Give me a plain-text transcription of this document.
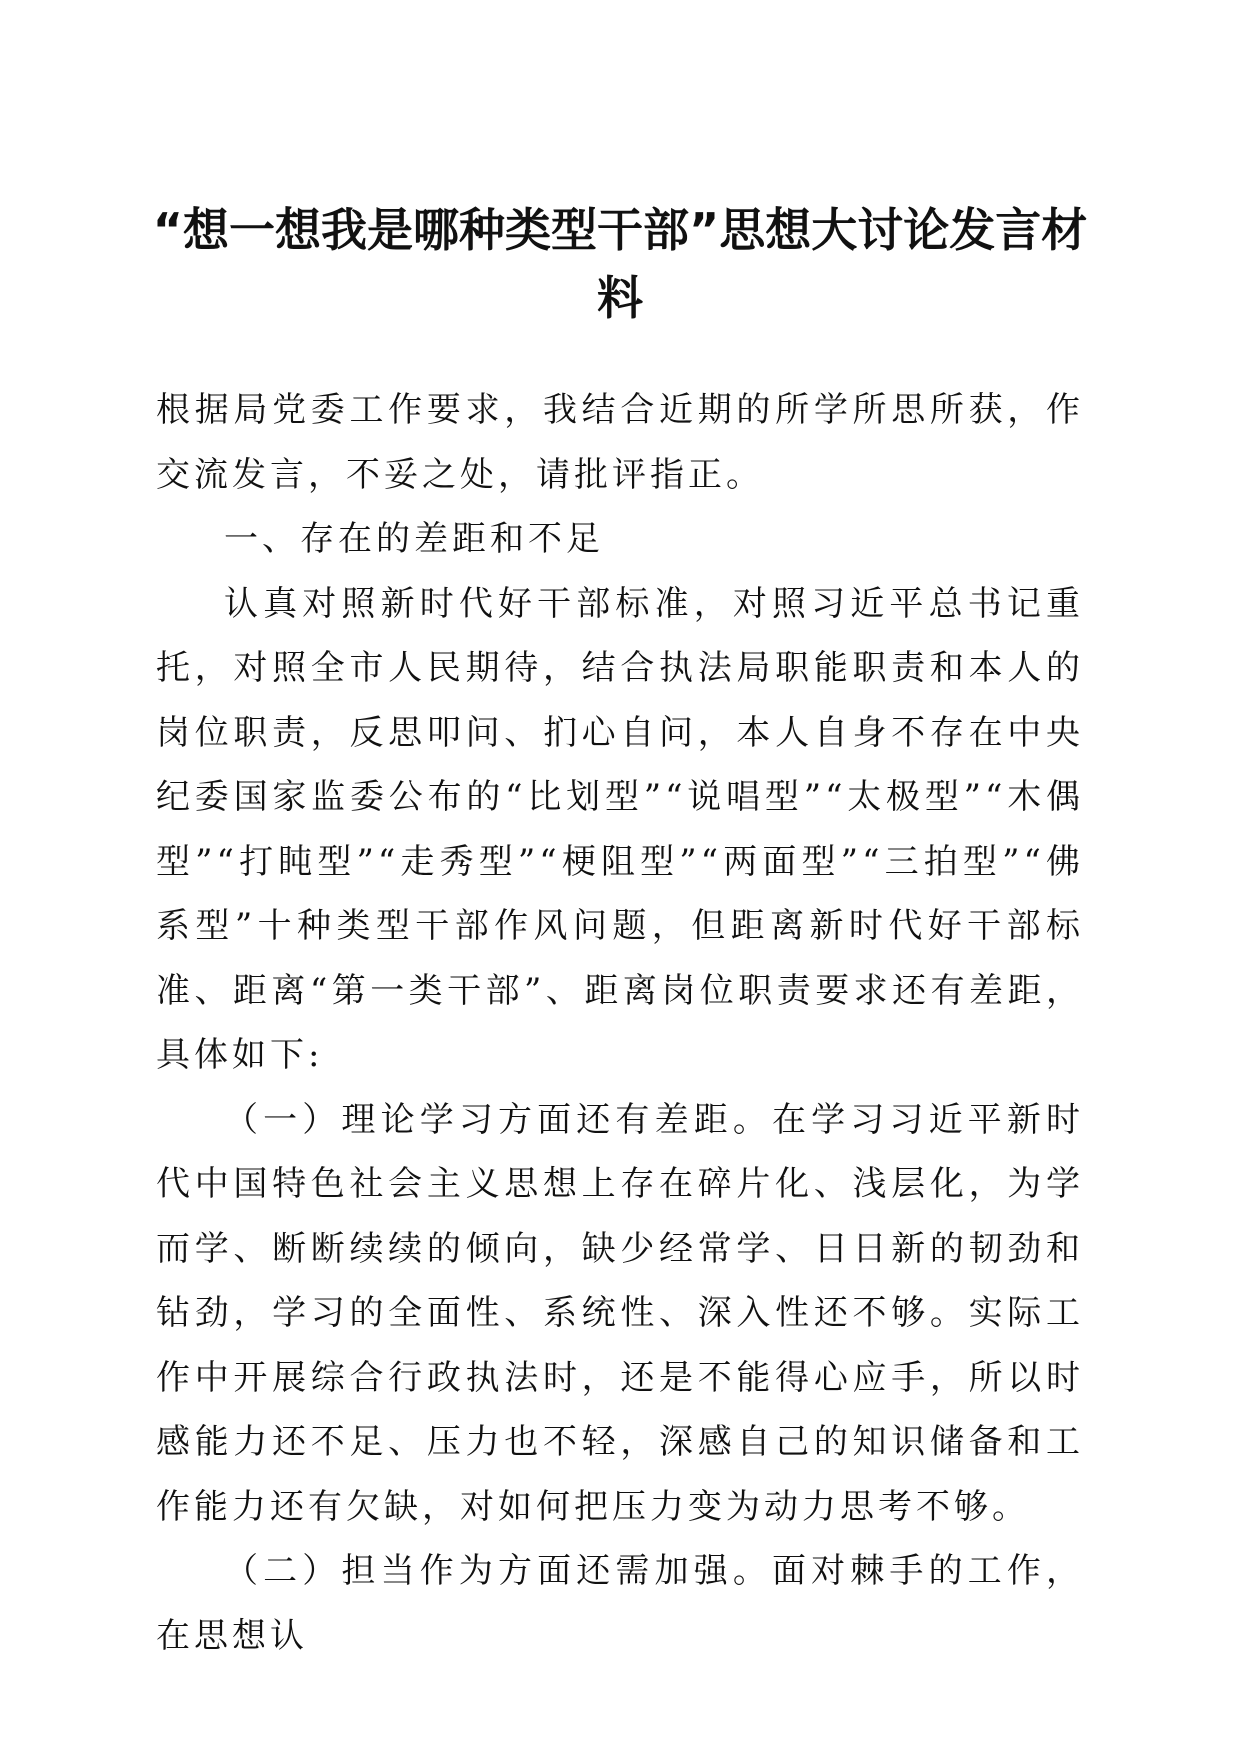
“想一想我是哪种类型干部”思想大讨论发言材料

根据局党委工作要求，我结合近期的所学所思所获，作交流发言，不妥之处，请批评指正。

一、存在的差距和不足

认真对照新时代好干部标准，对照习近平总书记重托，对照全市人民期待，结合执法局职能职责和本人的岗位职责，反思叩问、扪心自问，本人自身不存在中央纪委国家监委公布的“比划型”“说唱型”“太极型”“木偶型”“打盹型”“走秀型”“梗阻型”“两面型”“三拍型”“佛系型”十种类型干部作风问题，但距离新时代好干部标准、距离“第一类干部”、距离岗位职责要求还有差距，具体如下:

（一）理论学习方面还有差距。在学习习近平新时代中国特色社会主义思想上存在碎片化、浅层化，为学而学、断断续续的倾向，缺少经常学、日日新的韧劲和钻劲，学习的全面性、系统性、深入性还不够。实际工作中开展综合行政执法时，还是不能得心应手，所以时感能力还不足、压力也不轻，深感自己的知识储备和工作能力还有欠缺，对如何把压力变为动力思考不够。

（二）担当作为方面还需加强。面对棘手的工作，在思想认
